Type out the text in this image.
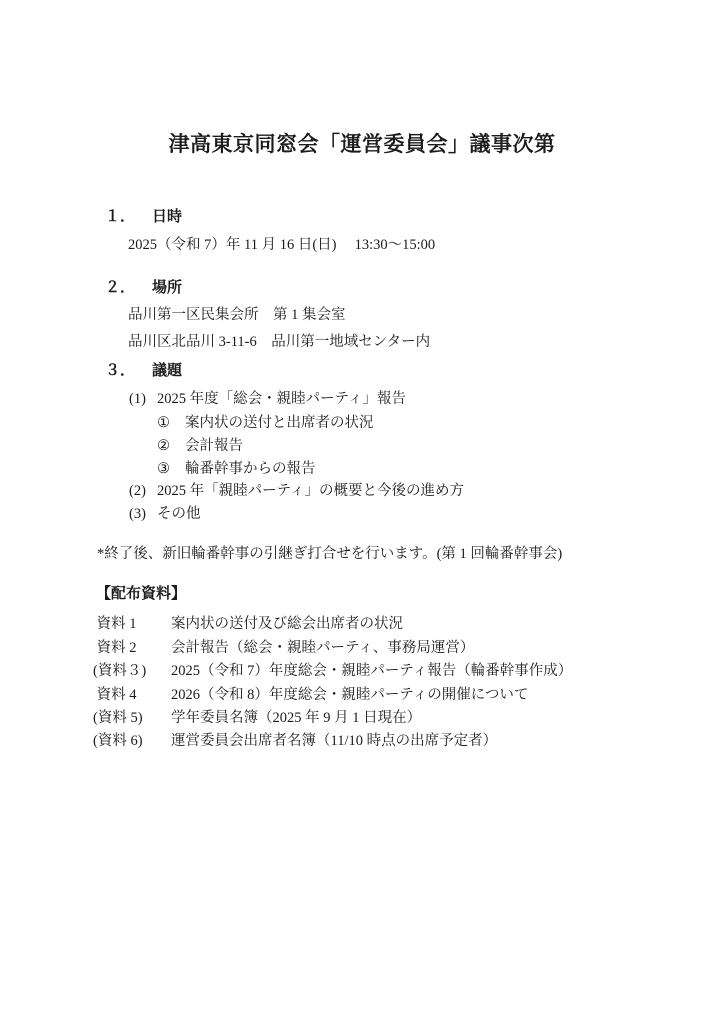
津高東京同窓会「運営委員会」議事次第
１． 日時
2025（令和 7）年 11 月 16 日(日)　 13:30～15:00
２． 場所
品川第一区民集会所　第 1 集会室
品川区北品川 3-11-6　品川第一地域センター内
３． 議題
(1) 2025 年度「総会・親睦パーティ」報告
① 案内状の送付と出席者の状況
② 会計報告
③ 輪番幹事からの報告
(2) 2025 年「親睦パーティ」の概要と今後の進め方
(3) その他
*終了後、新旧輪番幹事の引継ぎ打合せを行います。(第 1 回輪番幹事会)
【配布資料】
資料 1 案内状の送付及び総会出席者の状況
資料 2 会計報告（総会・親睦パーティ、事務局運営）
(資料３) 2025（令和 7）年度総会・親睦パーティ報告（輪番幹事作成）
資料 4 2026（令和 8）年度総会・親睦パーティの開催について
(資料 5) 学年委員名簿（2025 年 9 月 1 日現在）
(資料 6) 運営委員会出席者名簿（11/10 時点の出席予定者）
